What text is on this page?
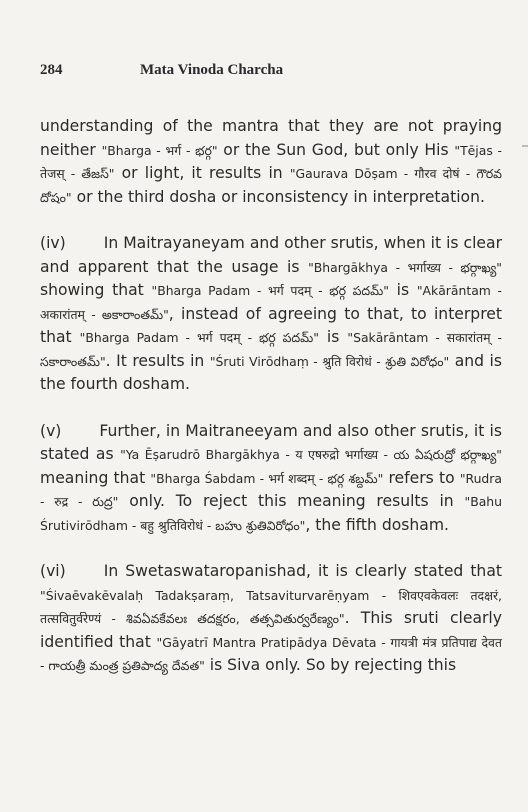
284	Mata Vinoda Charcha

understanding of the mantra that they are not praying neither "Bharga - भर्ग - భర్గ" or the Sun God, but only His "Tējas - तेजस् - తేజస్" or light, it results in "Gaurava Dōṣam - गौरव दोषं - గౌరవ దోషం" or the third dosha or inconsistency in interpretation.

(iv) In Maitrayaneyam and other srutis, when it is clear and apparent that the usage is "Bhargākhya - भर्गाख्य - భర్గాఖ్య" showing that "Bharga Padam - भर्ग पदम् - భర్గ పదమ్" is "Akārāntam - अकारांतम् - అకారాంతమ్", instead of agreeing to that, to interpret that "Bharga Padam - भर्ग पदम् - భర్గ పదమ్" is "Sakārāntam - सकारांतम् - సకారాంతమ్". It results in "Śruti Virōdhaṃ - श्रुति विरोधं - శ్రుతి విరోధం" and is the fourth dosham.

(v) Further, in Maitraneeyam and also other srutis, it is stated as "Ya Ēṣarudrō Bhargākhya - य एषरुद्रो भर्गाख्य - య ఏషరుద్రో భర్గాఖ్య" meaning that "Bharga Śabdam - भर्ग शब्दम् - భర్గ శబ్దమ్" refers to "Rudra - रुद्र - రుద్ర" only. To reject this meaning results in "Bahu Śrutivirōdham - बहु श्रुतिविरोधं - బహు శ్రుతివిరోధం", the fifth dosham.

(vi) In Swetaswataropanishad, it is clearly stated that "Śivaēvakēvalaḥ Tadakṣaraṃ, Tatsaviturvarēṇyam - शिवएवकेवलः तदक्षरं, तत्सवितुर्वरेण्यं - శివఏవకేవలః తదక్షరం, తత్సవితుర్వరేణ్యం". This sruti clearly identified that "Gāyatrī Mantra Pratipādya Dēvata - गायत्री मंत्र प्रतिपाद्य देवत - గాయత్రీ మంత్ర ప్రతిపాద్య దేవత" is Siva only. So by rejecting this
